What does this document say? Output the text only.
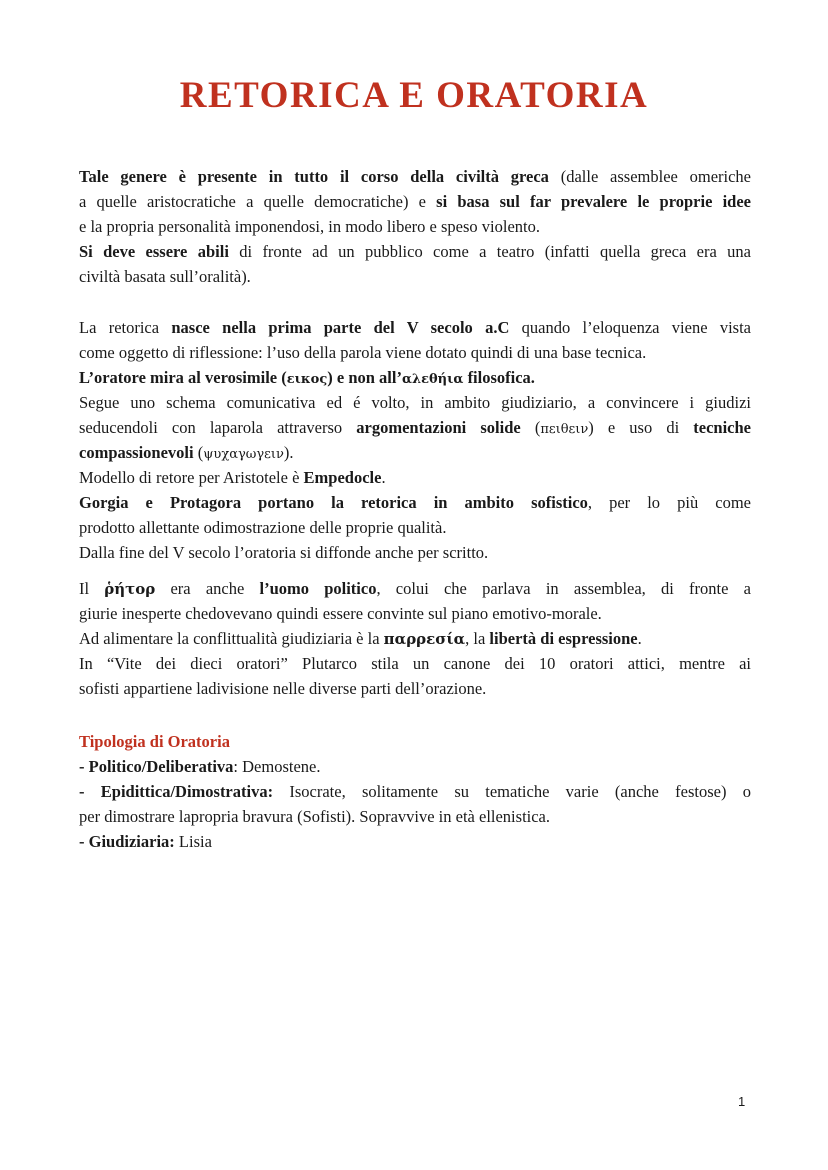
RETORICA E ORATORIA
Tale genere è presente in tutto il corso della civiltà greca (dalle assemblee omeriche
a quelle aristocratiche a quelle democratiche) e si basa sul far prevalere le proprie idee
e la propria personalità imponendosi, in modo libero e speso violento.
Si deve essere abili di fronte ad un pubblico come a teatro (infatti quella greca era una
civiltà basata sull’oralità).
La retorica nasce nella prima parte del V secolo a.C quando l’eloquenza viene vista
come oggetto di riflessione: l’uso della parola viene dotato quindi di una base tecnica.
L’oratore mira al verosimile (εικος) e non all’αλεθήια filosofica.
Segue uno schema comunicativa ed é volto, in ambito giudiziario, a convincere i giudizi
seducendoli con laparola attraverso argomentazioni solide (πειθειν) e uso di tecniche
compassionevoli (ψυχαγωγειν).
Modello di retore per Aristotele è Empedocle.
Gorgia e Protagora portano la retorica in ambito sofistico, per lo più come
prodotto allettante odimostrazione delle proprie qualità.
Dalla fine del V secolo l’oratoria si diffonde anche per scritto.
Il ῥήτορ era anche l’uomo politico, colui che parlava in assemblea, di fronte a
giurie inesperte chedovevano quindi essere convinte sul piano emotivo-morale.
Ad alimentare la conflittualità giudiziaria è la παρρεσία, la libertà di espressione.
In “Vite dei dieci oratori” Plutarco stila un canone dei 10 oratori attici, mentre ai
sofisti appartiene ladivisione nelle diverse parti dell’orazione.
Tipologia di Oratoria
- Politico/Deliberativa: Demostene.
- Epidittica/Dimostrativa: Isocrate, solitamente su tematiche varie (anche festose) o
per dimostrare lapropria bravura (Sofisti). Sopravvive in età ellenistica.
- Giudiziaria: Lisia
1
